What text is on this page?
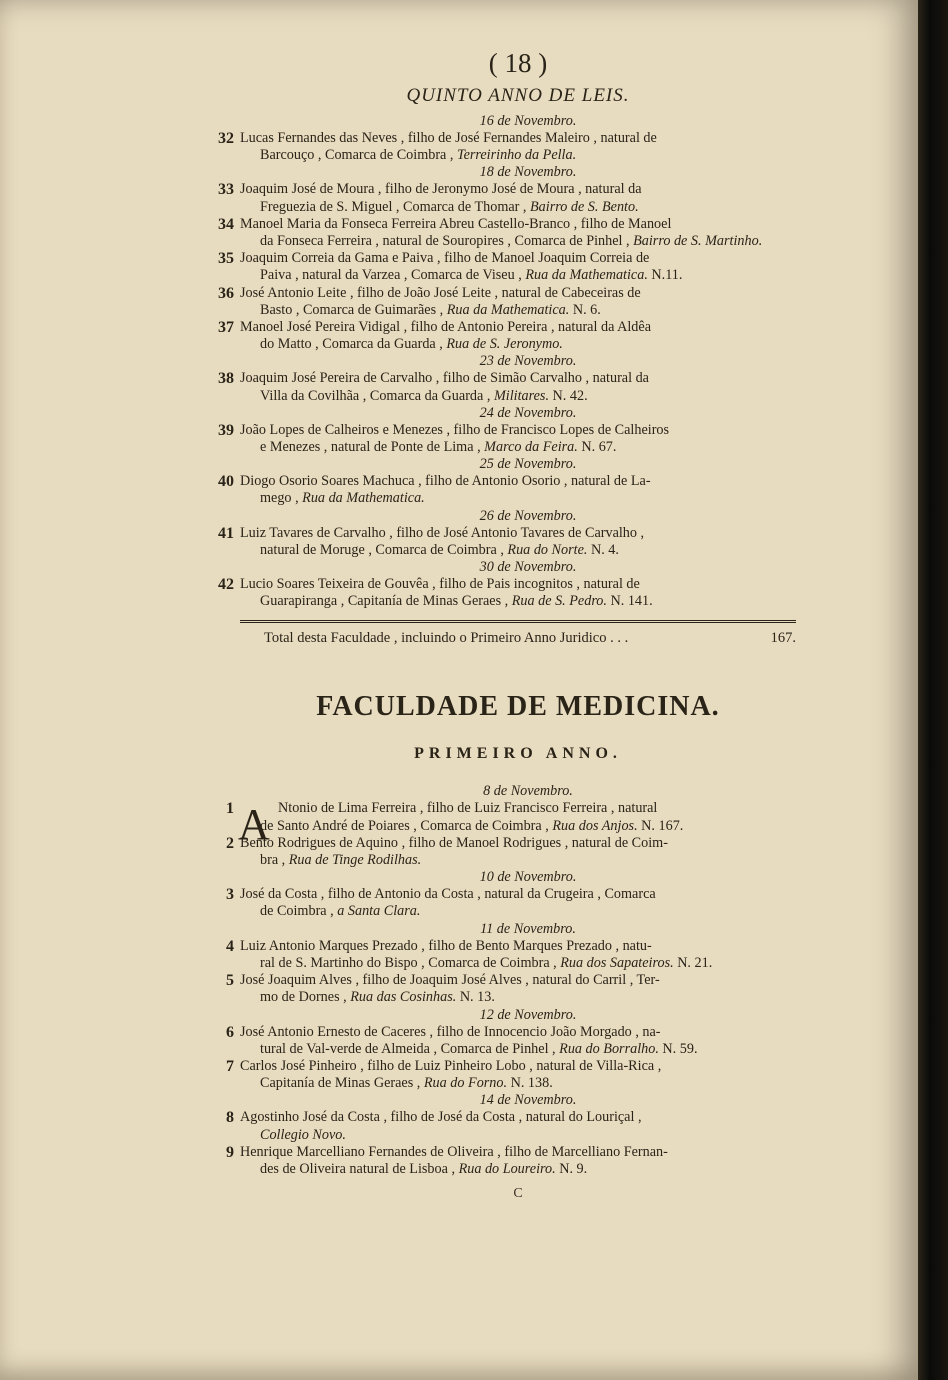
( 18 )
QUINTO ANNO DE LEIS.
16 de Novembro.
32 Lucas Fernandes das Neves , filho de José Fernandes Maleiro , natural de
Barcouço , Comarca de Coimbra , Terreirinho da Pella.
18 de Novembro.
33 Joaquim José de Moura , filho de Jeronymo José de Moura , natural da
Freguezia de S. Miguel , Comarca de Thomar , Bairro de S. Bento.
34 Manoel Maria da Fonseca Ferreira Abreu Castello-Branco , filho de Manoel
da Fonseca Ferreira , natural de Souropires , Comarca de Pinhel , Bairro de S. Martinho.
35 Joaquim Correia da Gama e Paiva , filho de Manoel Joaquim Correia de
Paiva , natural da Varzea , Comarca de Viseu , Rua da Mathematica. N.11.
36 José Antonio Leite , filho de João José Leite , natural de Cabeceiras de
Basto , Comarca de Guimarães , Rua da Mathematica. N. 6.
37 Manoel José Pereira Vidigal , filho de Antonio Pereira , natural da Aldêa
do Matto , Comarca da Guarda , Rua de S. Jeronymo.
23 de Novembro.
38 Joaquim José Pereira de Carvalho , filho de Simão Carvalho , natural da
Villa da Covilhãa , Comarca da Guarda , Militares. N. 42.
24 de Novembro.
39 João Lopes de Calheiros e Menezes , filho de Francisco Lopes de Calheiros
e Menezes , natural de Ponte de Lima , Marco da Feira. N. 67.
25 de Novembro.
40 Diogo Osorio Soares Machuca , filho de Antonio Osorio , natural de La-
mego , Rua da Mathematica.
26 de Novembro.
41 Luiz Tavares de Carvalho , filho de José Antonio Tavares de Carvalho ,
natural de Moruge , Comarca de Coimbra , Rua do Norte. N. 4.
30 de Novembro.
42 Lucio Soares Teixeira de Gouvêa , filho de Pais incognitos , natural de
Guarapiranga , Capitanía de Minas Geraes , Rua de S. Pedro. N. 141.
Total desta Faculdade , incluindo o Primeiro Anno Juridico . . .	167.
FACULDADE DE MEDICINA.
PRIMEIRO ANNO.
8 de Novembro.
1 A Ntonio de Lima Ferreira , filho de Luiz Francisco Ferreira , natural
de Santo André de Poiares , Comarca de Coimbra , Rua dos Anjos. N. 167.
2 Bento Rodrigues de Aquino , filho de Manoel Rodrigues , natural de Coim-
bra , Rua de Tinge Rodilhas.
10 de Novembro.
3 José da Costa , filho de Antonio da Costa , natural da Crugeira , Comarca
de Coimbra , a Santa Clara.
11 de Novembro.
4 Luiz Antonio Marques Prezado , filho de Bento Marques Prezado , natu-
ral de S. Martinho do Bispo , Comarca de Coimbra , Rua dos Sapateiros. N. 21.
5 José Joaquim Alves , filho de Joaquim José Alves , natural do Carril , Ter-
mo de Dornes , Rua das Cosinhas. N. 13.
12 de Novembro.
6 José Antonio Ernesto de Caceres , filho de Innocencio João Morgado , na-
tural de Val-verde de Almeida , Comarca de Pinhel , Rua do Borralho. N. 59.
7 Carlos José Pinheiro , filho de Luiz Pinheiro Lobo , natural de Villa-Rica ,
Capitanía de Minas Geraes , Rua do Forno. N. 138.
14 de Novembro.
8 Agostinho José da Costa , filho de José da Costa , natural do Louriçal ,
Collegio Novo.
9 Henrique Marcelliano Fernandes de Oliveira , filho de Marcelliano Fernan-
des de Oliveira natural de Lisboa , Rua do Loureiro. N. 9.
C
